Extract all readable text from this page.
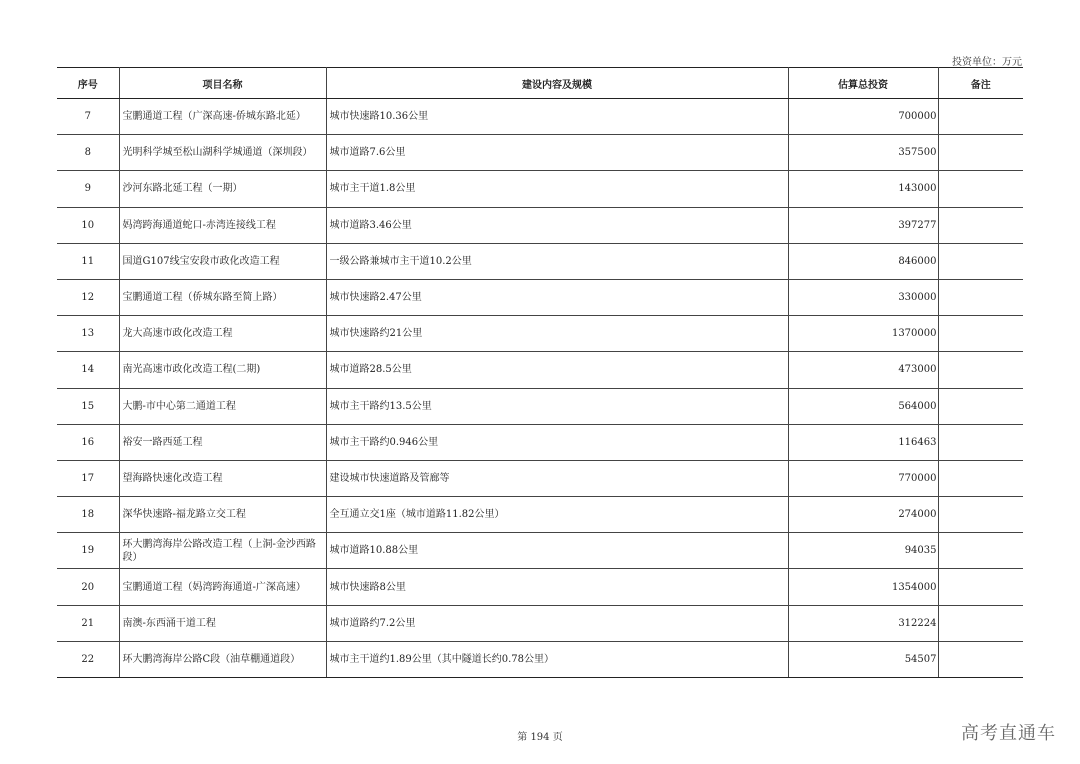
投资单位：万元
序号	项目名称	建设内容及规模	估算总投资	备注
7	宝鹏通道工程（广深高速-侨城东路北延）	城市快速路10.36公里	700000	
8	光明科学城至松山湖科学城通道（深圳段）	城市道路7.6公里	357500	
9	沙河东路北延工程（一期）	城市主干道1.8公里	143000	
10	妈湾跨海通道蛇口-赤湾连接线工程	城市道路3.46公里	397277	
11	国道G107线宝安段市政化改造工程	一级公路兼城市主干道10.2公里	846000	
12	宝鹏通道工程（侨城东路至简上路）	城市快速路2.47公里	330000	
13	龙大高速市政化改造工程	城市快速路约21公里	1370000	
14	南光高速市政化改造工程(二期)	城市道路28.5公里	473000	
15	大鹏-市中心第二通道工程	城市主干路约13.5公里	564000	
16	裕安一路西延工程	城市主干路约0.946公里	116463	
17	望海路快速化改造工程	建设城市快速道路及管廊等	770000	
18	深华快速路-福龙路立交工程	全互通立交1座（城市道路11.82公里）	274000	
19	环大鹏湾海岸公路改造工程（上洞-金沙西路段）	城市道路10.88公里	94035	
20	宝鹏通道工程（妈湾跨海通道-广深高速）	城市快速路8公里	1354000	
21	南澳-东西涌干道工程	城市道路约7.2公里	312224	
22	环大鹏湾海岸公路C段（油草棚通道段）	城市主干道约1.89公里（其中隧道长约0.78公里）	54507	
第 194 页	高考直通车
